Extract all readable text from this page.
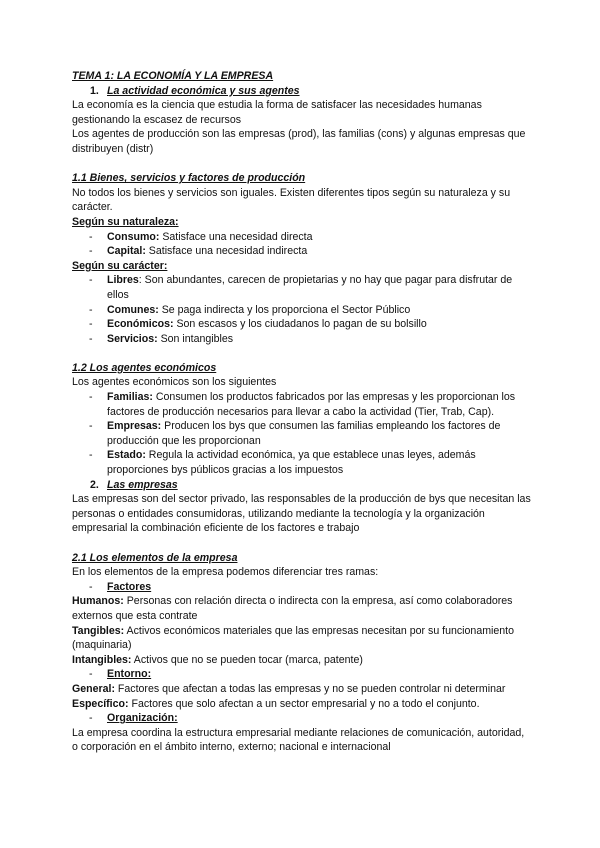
TEMA 1: LA ECONOMÍA Y LA EMPRESA
1. La actividad económica y sus agentes

La economía es la ciencia que estudia la forma de satisfacer las necesidades humanas gestionando la escasez de recursos

Los agentes de producción son las empresas (prod), las familias (cons) y algunas empresas que distribuyen (distr)

1.1 Bienes, servicios y factores de producción

No todos los bienes y servicios son iguales. Existen diferentes tipos según su naturaleza y su carácter.

Según su naturaleza:
- Consumo: Satisface una necesidad directa
- Capital: Satisface una necesidad indirecta
Según su carácter:
- Libres: Son abundantes, carecen de propietarias y no hay que pagar para disfrutar de ellos
- Comunes: Se paga indirecta y los proporciona el Sector Público
- Económicos: Son escasos y los ciudadanos lo pagan de su bolsillo
- Servicios: Son intangibles
1.2 Los agentes económicos

Los agentes económicos son los siguientes

- Familias: Consumen los productos fabricados por las empresas y les proporcionan los factores de producción necesarios para llevar a cabo la actividad (Tier, Trab, Cap).
- Empresas: Producen los bys que consumen las familias empleando los factores de producción que les proporcionan
- Estado: Regula la actividad económica, ya que establece unas leyes, además proporciones bys públicos gracias a los impuestos
2. Las empresas

Las empresas son del sector privado, las responsables de la producción de bys que necesitan las personas o entidades consumidoras, utilizando mediante la tecnología y la organización empresarial la combinación eficiente de los factores e trabajo

2.1 Los elementos de la empresa

En los elementos de la empresa podemos diferenciar tres ramas:

- Factores

Humanos: Personas con relación directa o indirecta con la empresa, así como colaboradores externos que esta contrate

Tangibles: Activos económicos materiales que las empresas necesitan por su funcionamiento (maquinaria)

Intangibles: Activos que no se pueden tocar (marca, patente)

- Entorno:

General: Factores que afectan a todas las empresas y no se pueden controlar ni determinar

Específico: Factores que solo afectan a un sector empresarial y no a todo el conjunto.

- Organización:

La empresa coordina la estructura empresarial mediante relaciones de comunicación, autoridad, o corporación en el ámbito interno, externo; nacional e internacional
